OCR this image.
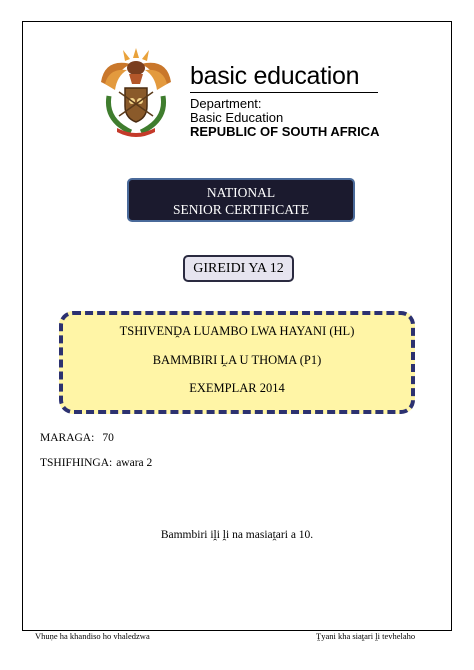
basic education
Department:
Basic Education
REPUBLIC OF SOUTH AFRICA
NATIONAL
SENIOR CERTIFICATE
GIREIDI YA 12
TSHIVENḒA LUAMBO LWA HAYANI (HL)
BAMMBIRI ḼA U THOMA (P1)
EXEMPLAR 2014
MARAGA: 70
TSHIFHINGA: awara 2
Bammbiri iḽi ḽi na masiaṱari a 10.
Vhuṇe ha khandiso ho vhaledzwa	Ṱyani kha siaṱari ḽi tevhelaho
